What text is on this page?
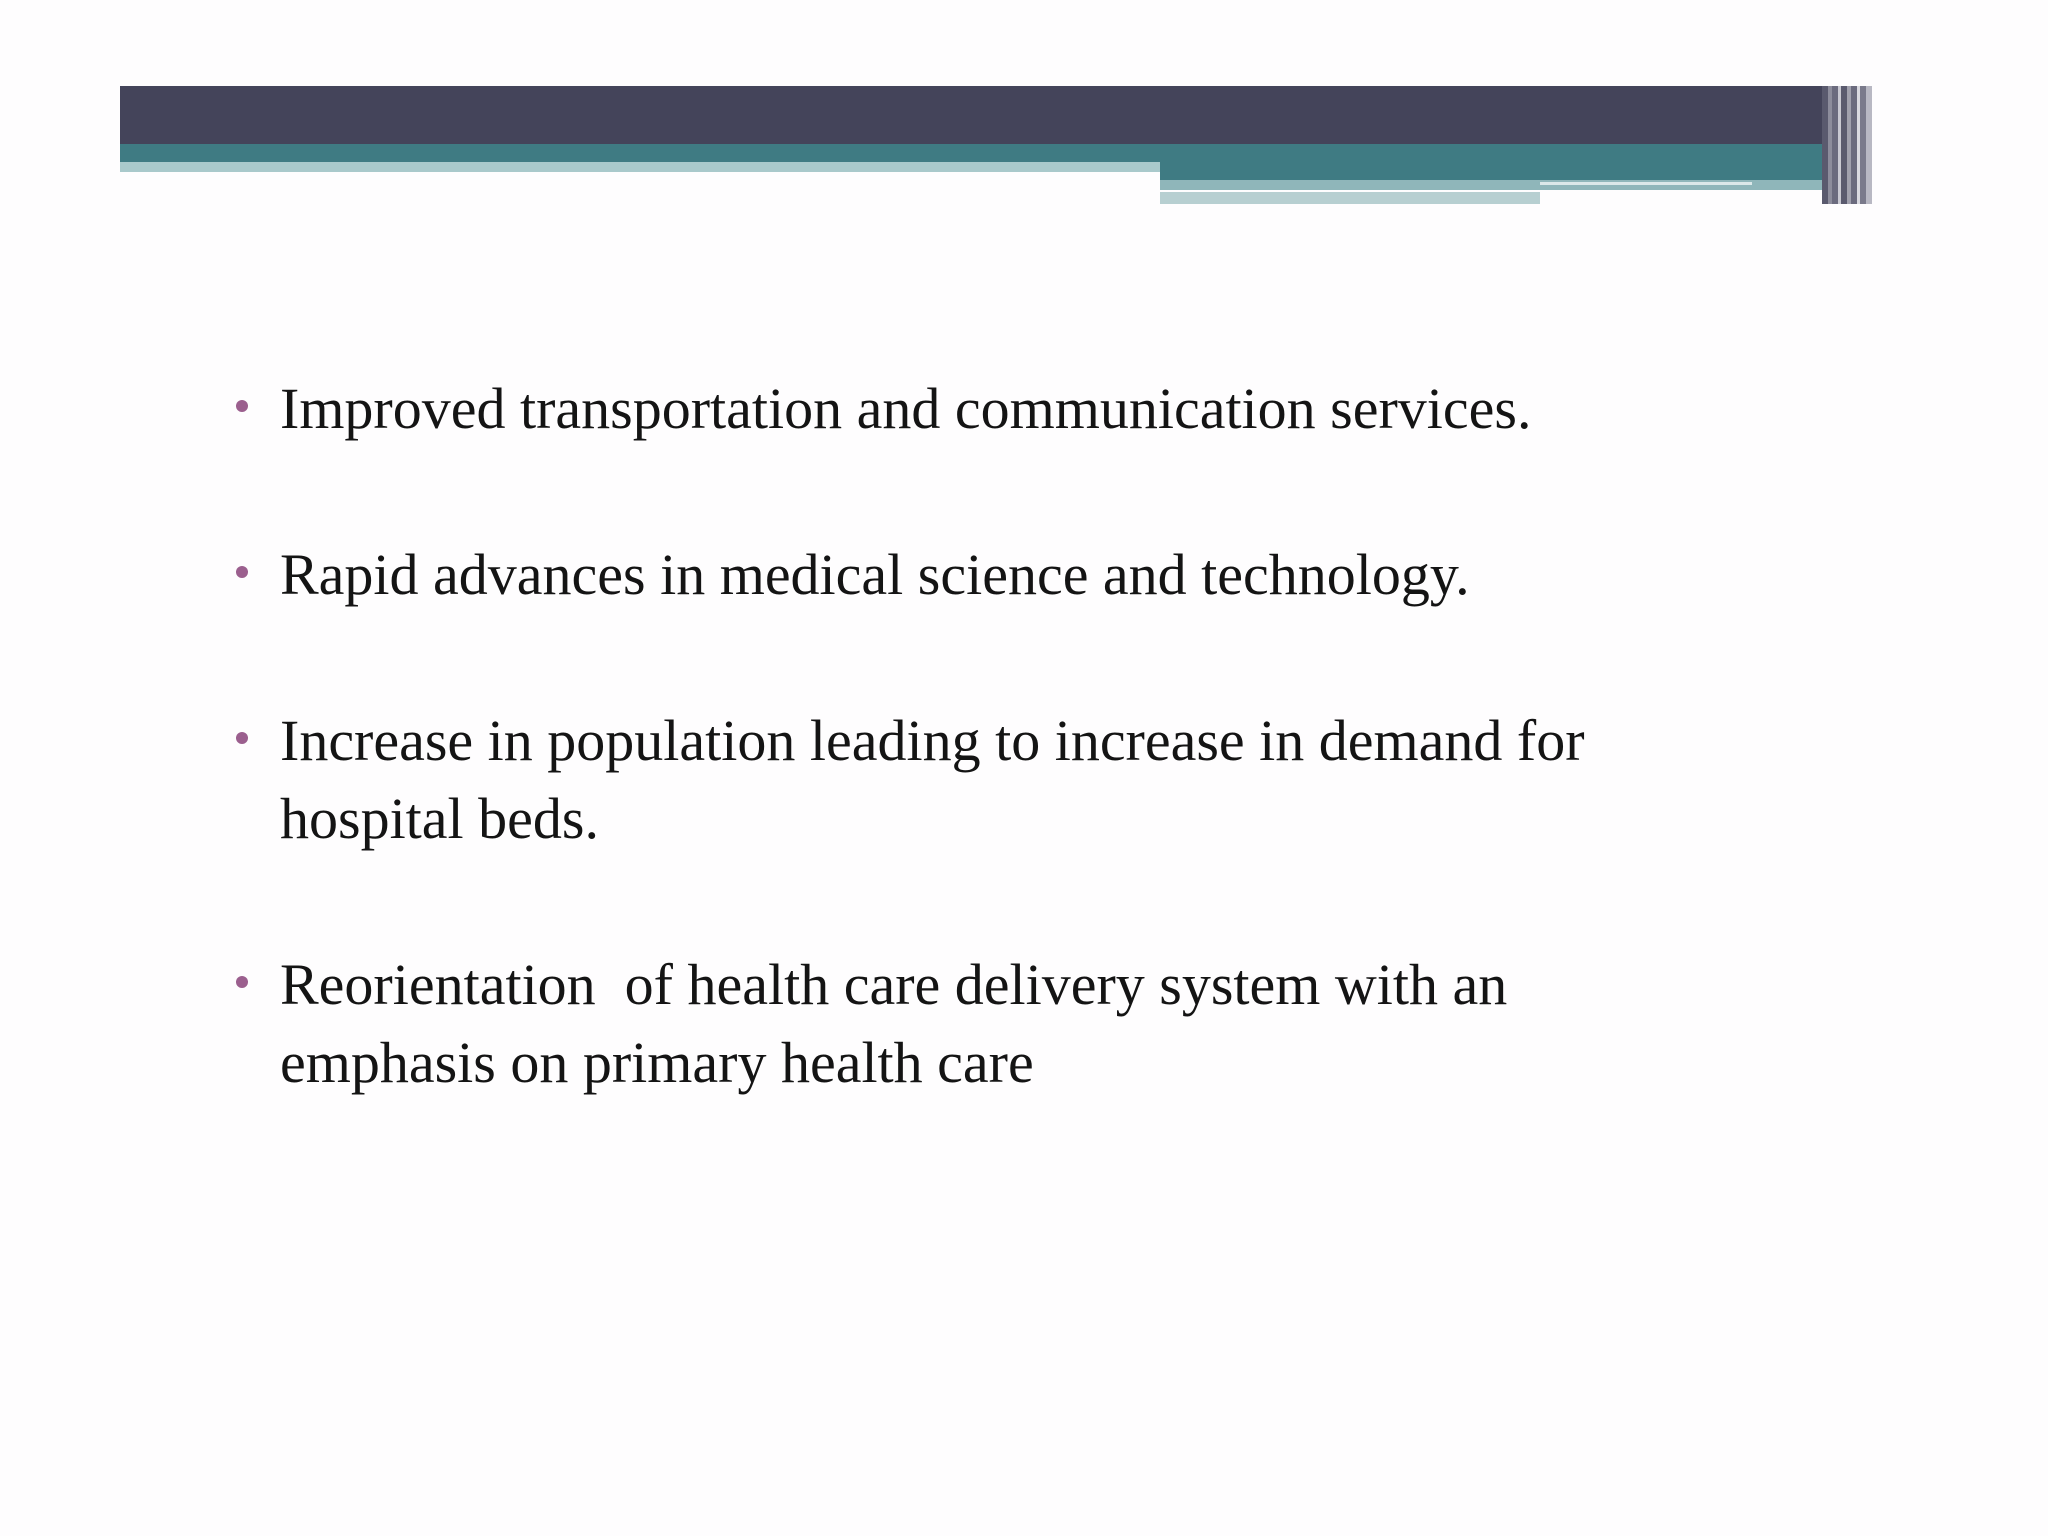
Improved transportation and communication services.
Rapid advances in medical science and technology.
Increase in population leading to increase in demand for hospital beds.
Reorientation  of health care delivery system with an emphasis on primary health care
